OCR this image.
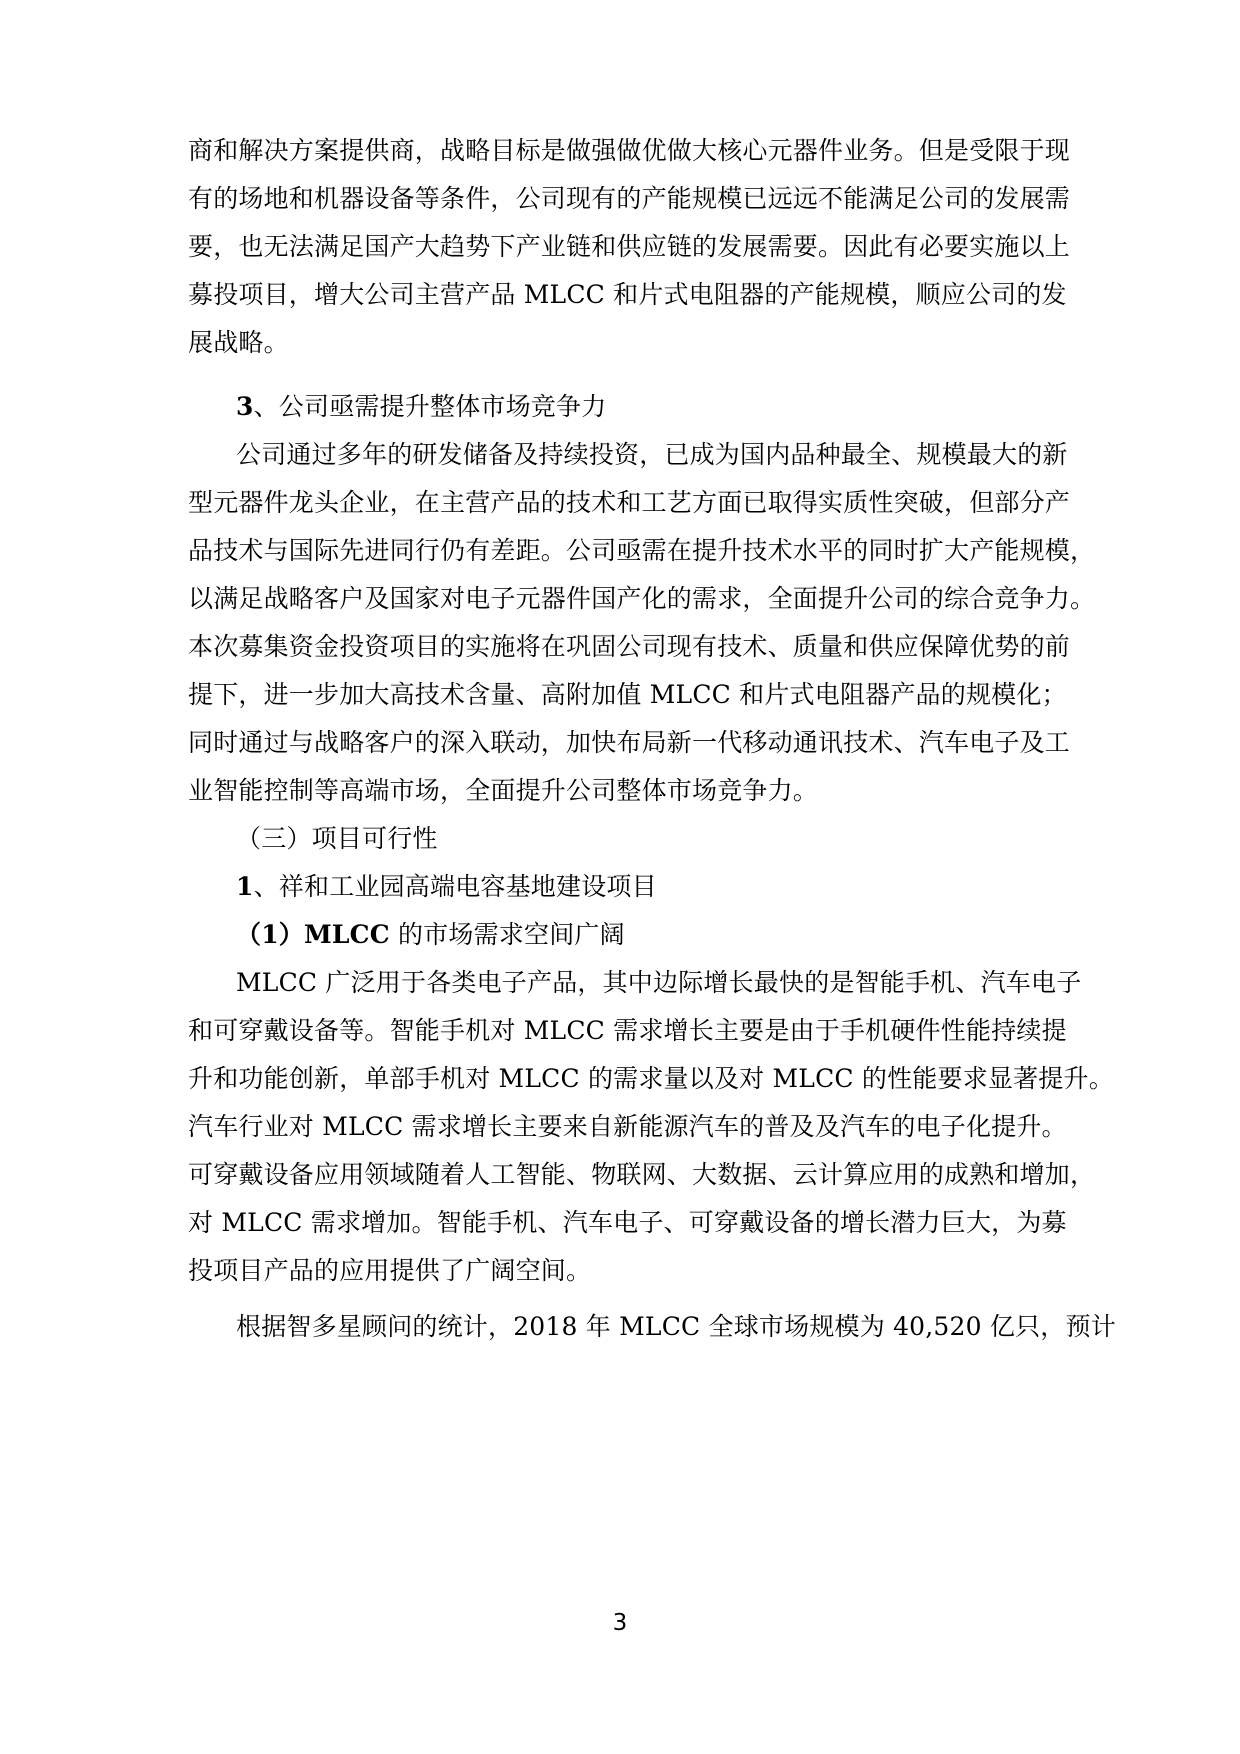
商和解决方案提供商，战略目标是做强做优做大核心元器件业务。但是受限于现
有的场地和机器设备等条件，公司现有的产能规模已远远不能满足公司的发展需
要，也无法满足国产大趋势下产业链和供应链的发展需要。因此有必要实施以上
募投项目，增大公司主营产品 MLCC 和片式电阻器的产能规模，顺应公司的发
展战略。
3、公司亟需提升整体市场竞争力
公司通过多年的研发储备及持续投资，已成为国内品种最全、规模最大的新
型元器件龙头企业，在主营产品的技术和工艺方面已取得实质性突破，但部分产
品技术与国际先进同行仍有差距。公司亟需在提升技术水平的同时扩大产能规模，
以满足战略客户及国家对电子元器件国产化的需求，全面提升公司的综合竞争力。
本次募集资金投资项目的实施将在巩固公司现有技术、质量和供应保障优势的前
提下，进一步加大高技术含量、高附加值 MLCC 和片式电阻器产品的规模化；
同时通过与战略客户的深入联动，加快布局新一代移动通讯技术、汽车电子及工
业智能控制等高端市场，全面提升公司整体市场竞争力。
（三）项目可行性
1、祥和工业园高端电容基地建设项目
（1）MLCC 的市场需求空间广阔
MLCC 广泛用于各类电子产品，其中边际增长最快的是智能手机、汽车电子
和可穿戴设备等。智能手机对 MLCC 需求增长主要是由于手机硬件性能持续提
升和功能创新，单部手机对 MLCC 的需求量以及对 MLCC 的性能要求显著提升。
汽车行业对 MLCC 需求增长主要来自新能源汽车的普及及汽车的电子化提升。
可穿戴设备应用领域随着人工智能、物联网、大数据、云计算应用的成熟和增加，
对 MLCC 需求增加。智能手机、汽车电子、可穿戴设备的增长潜力巨大，为募
投项目产品的应用提供了广阔空间。
根据智多星顾问的统计，2018 年 MLCC 全球市场规模为 40,520 亿只，预计
3
